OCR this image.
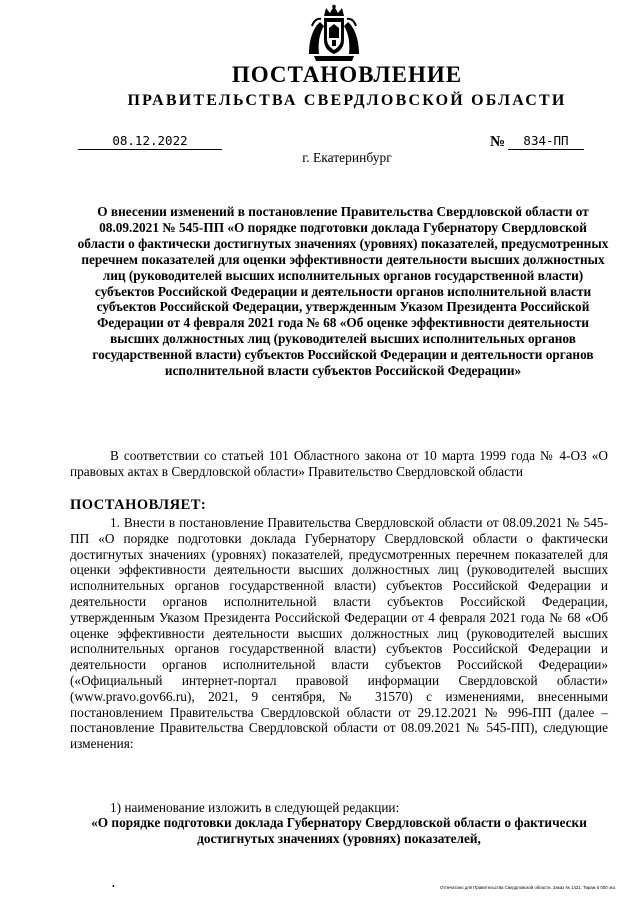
ПОСТАНОВЛЕНИЕ
ПРАВИТЕЛЬСТВА СВЕРДЛОВСКОЙ ОБЛАСТИ
08.12.2022	№	834-ПП
г. Екатеринбург
О внесении изменений в постановление Правительства Свердловской области от 08.09.2021 № 545-ПП «О порядке подготовки доклада Губернатору Свердловской области о фактически достигнутых значениях (уровнях) показателей, предусмотренных перечнем показателей для оценки эффективности деятельности высших должностных лиц (руководителей высших исполнительных органов государственной власти) субъектов Российской Федерации и деятельности органов исполнительной власти субъектов Российской Федерации, утвержденным Указом Президента Российской Федерации от 4 февраля 2021 года № 68 «Об оценке эффективности деятельности высших должностных лиц (руководителей высших исполнительных органов государственной власти) субъектов Российской Федерации и деятельности органов исполнительной власти субъектов Российской Федерации»
В соответствии со статьей 101 Областного закона от 10 марта 1999 года № 4-ОЗ «О правовых актах в Свердловской области» Правительство Свердловской области
ПОСТАНОВЛЯЕТ:
1. Внести в постановление Правительства Свердловской области от 08.09.2021 № 545-ПП «О порядке подготовки доклада Губернатору Свердловской области о фактически достигнутых значениях (уровнях) показателей, предусмотренных перечнем показателей для оценки эффективности деятельности высших должностных лиц (руководителей высших исполнительных органов государственной власти) субъектов Российской Федерации и деятельности органов исполнительной власти субъектов Российской Федерации, утвержденным Указом Президента Российской Федерации от 4 февраля 2021 года № 68 «Об оценке эффективности деятельности высших должностных лиц (руководителей высших исполнительных органов государственной власти) субъектов Российской Федерации и деятельности органов исполнительной власти субъектов Российской Федерации» («Официальный интернет-портал правовой информации Свердловской области» (www.pravo.gov66.ru), 2021, 9 сентября, № 31570) с изменениями, внесенными постановлением Правительства Свердловской области от 29.12.2021 № 996-ПП (далее – постановление Правительства Свердловской области от 08.09.2021 № 545-ПП), следующие изменения:
1) наименование изложить в следующей редакции:
«О порядке подготовки доклада Губернатору Свердловской области о фактически достигнутых значениях (уровнях) показателей,
•	Отпечатано для Правительства Свердловской области. Заказ № 1421. Тираж 5 000 экз.
